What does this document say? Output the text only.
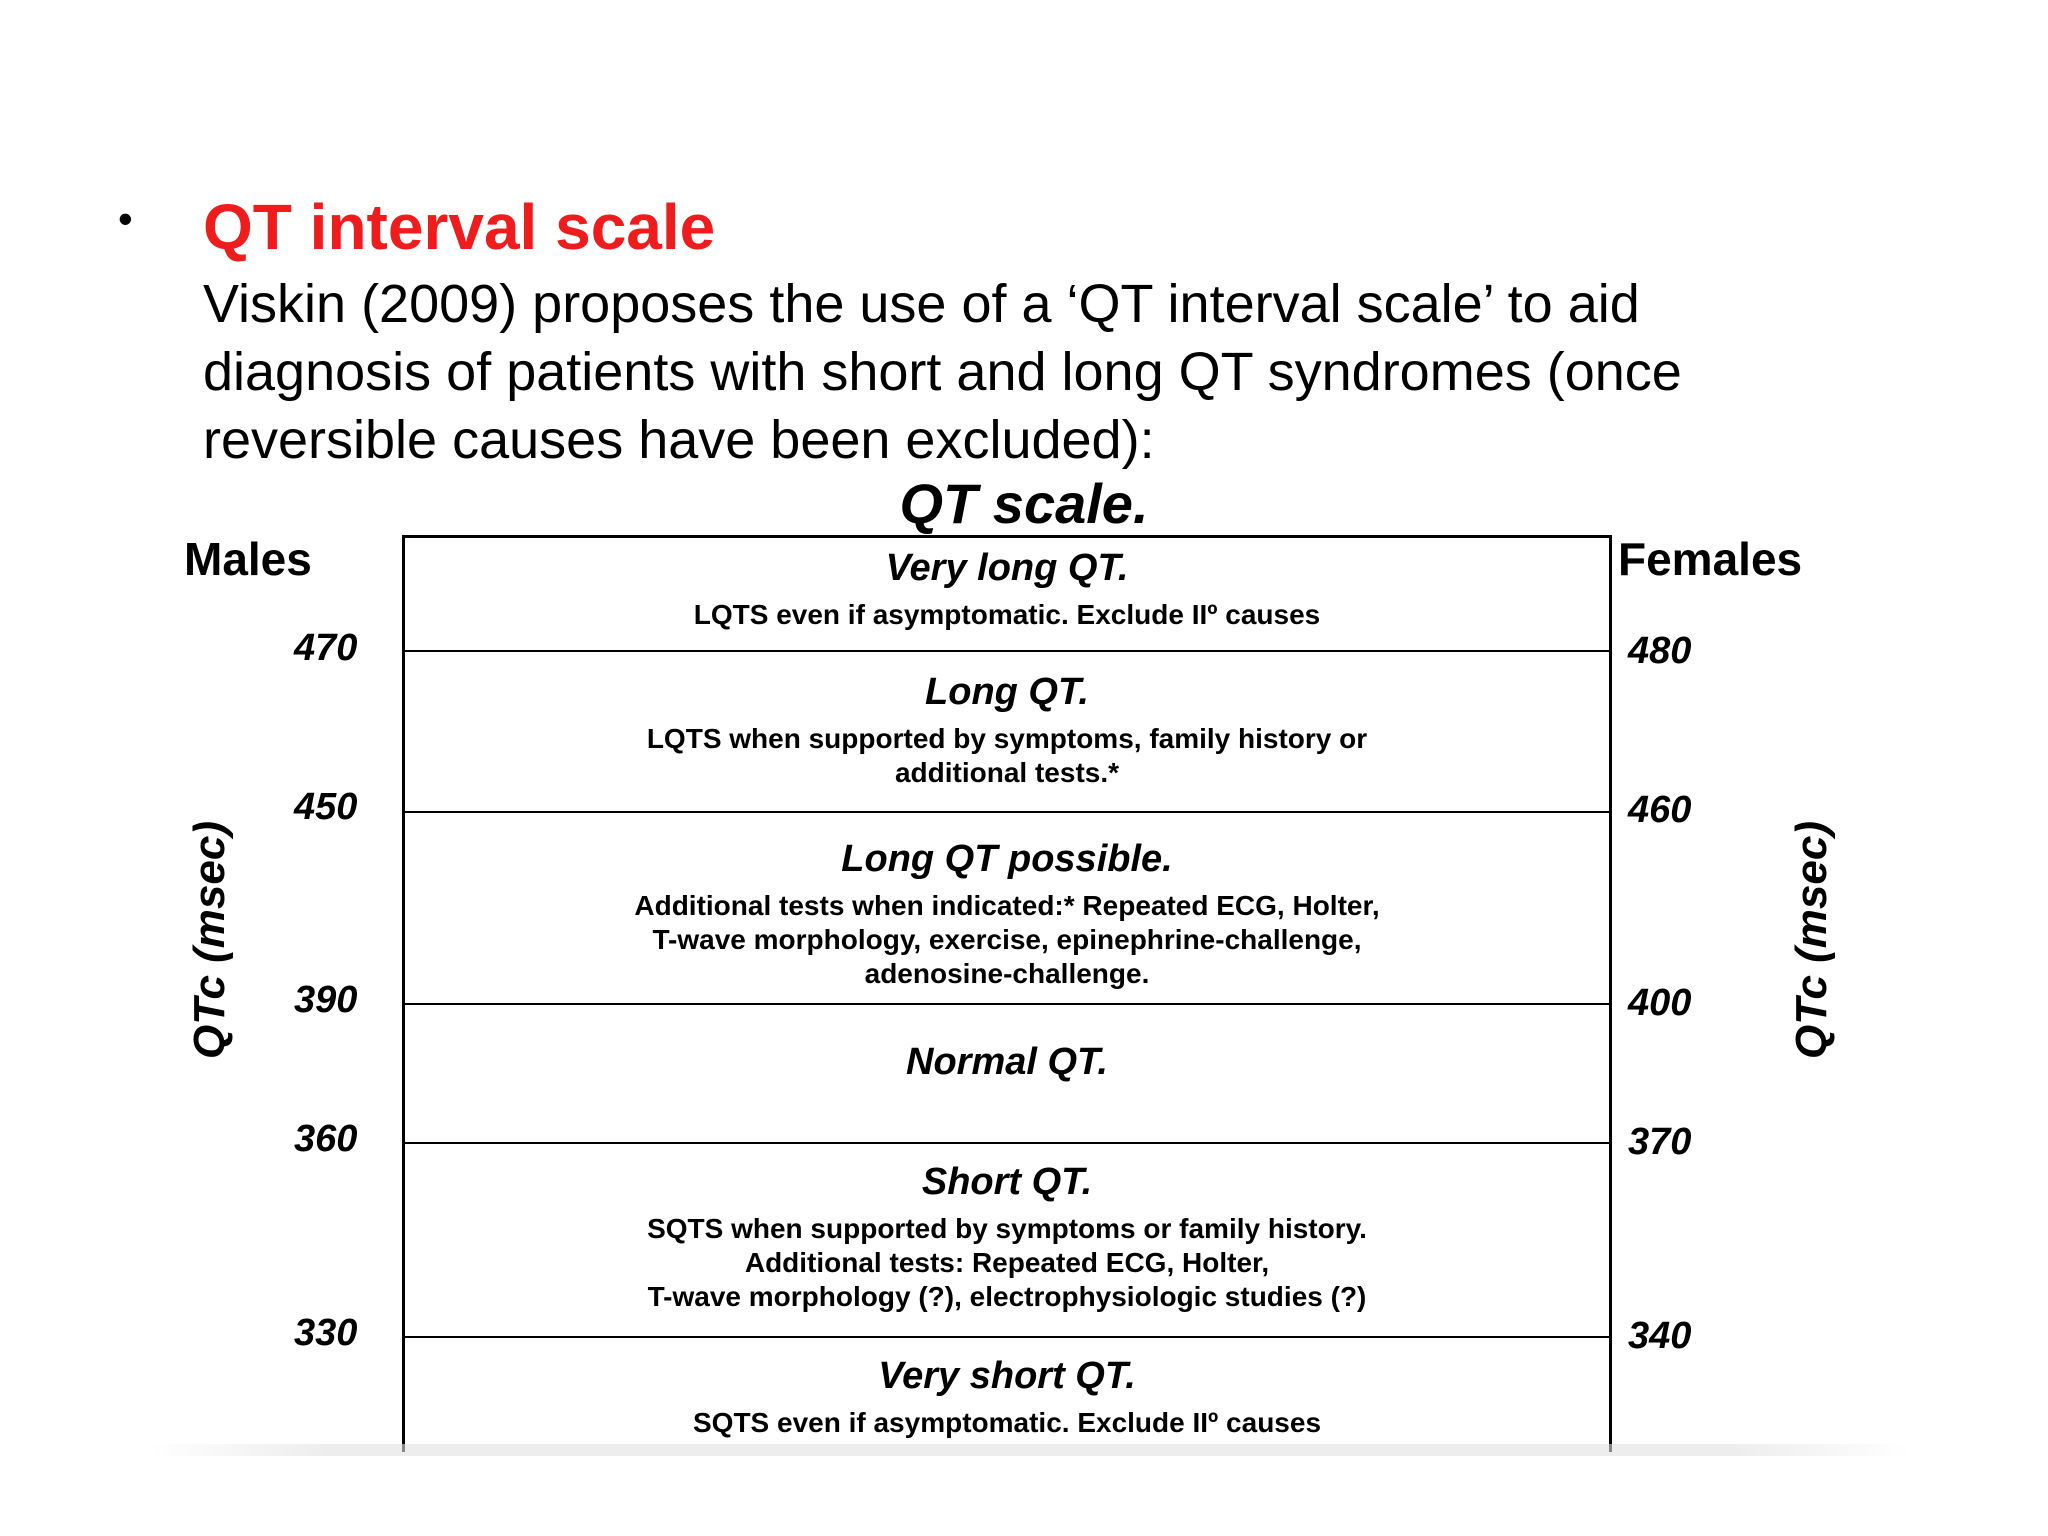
• QT interval scale
Viskin (2009) proposes the use of a ‘QT interval scale’ to aid
diagnosis of patients with short and long QT syndromes (once
reversible causes have been excluded):
QT scale.
Males	Females
QTc (msec)	QTc (msec)
470
450
390
360
330
480
460
400
370
340
Very long QT.
LQTS even if asymptomatic. Exclude IIº causes
Long QT.
LQTS when supported by symptoms, family history or
additional tests.*
Long QT possible.
Additional tests when indicated:* Repeated ECG, Holter,
T-wave morphology, exercise, epinephrine-challenge,
adenosine-challenge.
Normal QT.
Short QT.
SQTS when supported by symptoms or family history.
Additional tests: Repeated ECG, Holter,
T-wave morphology (?), electrophysiologic studies (?)
Very short QT.
SQTS even if asymptomatic. Exclude IIº causes
